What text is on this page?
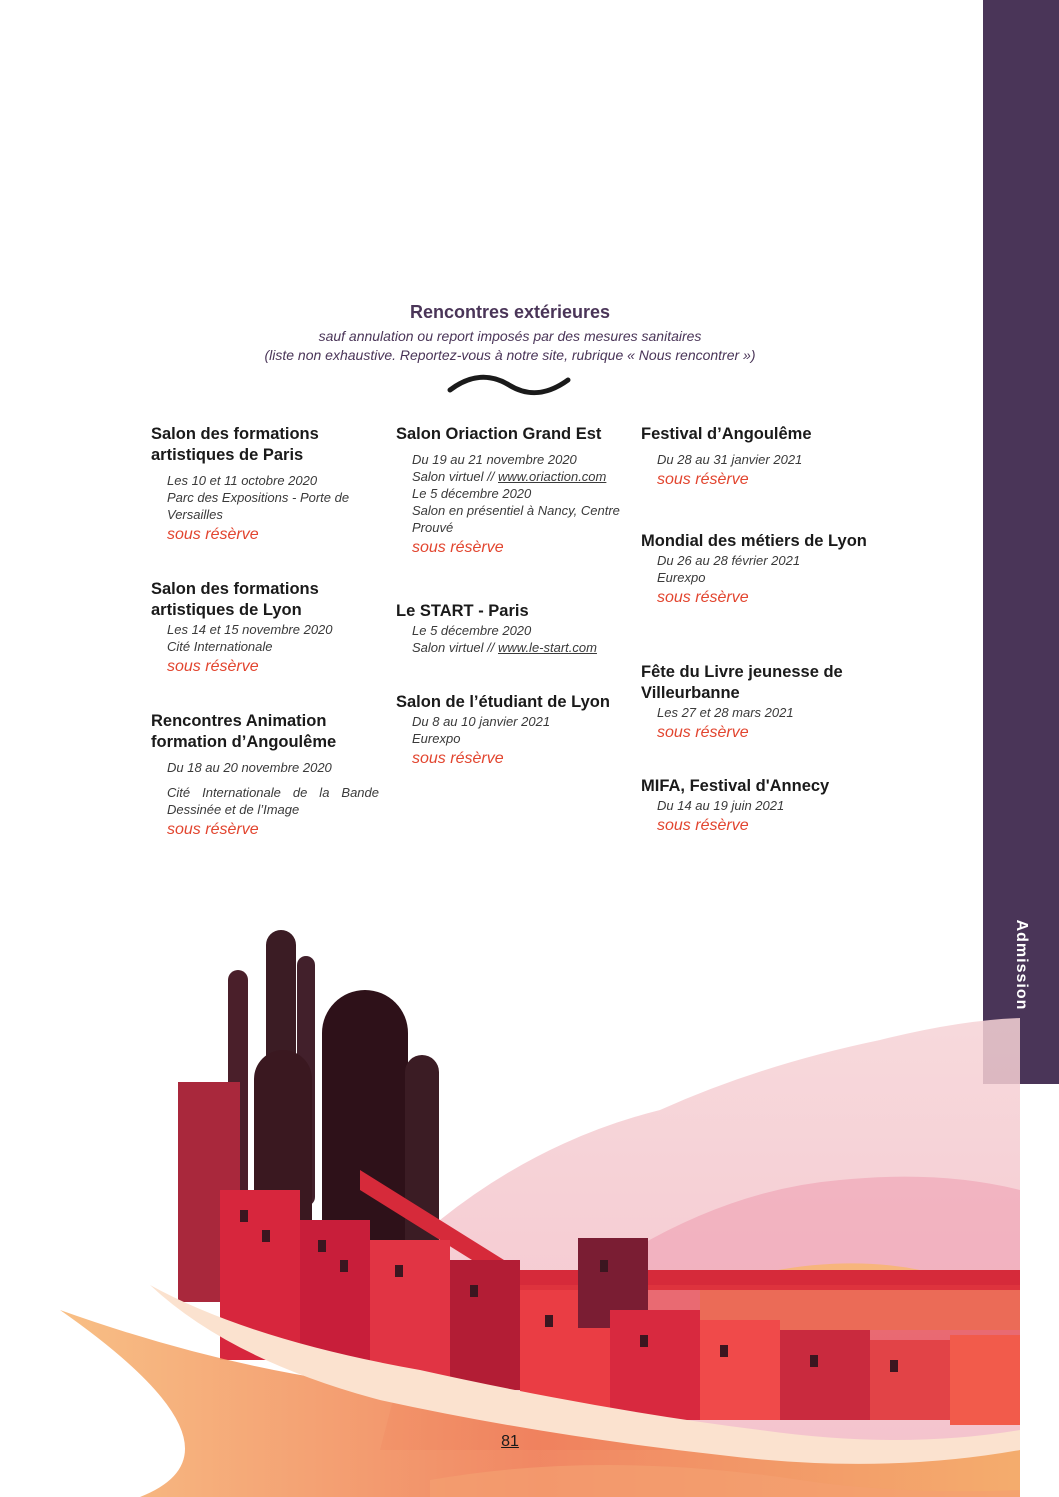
Admission
Rencontres extérieures
sauf annulation ou report imposés par des mesures sanitaires
(liste non exhaustive. Reportez-vous à notre site, rubrique « Nous rencontrer »)
Salon des formations artistiques de Paris
Les 10 et 11 octobre 2020
Parc des Expositions - Porte de Versailles
sous résèrve
Salon des formations artistiques de Lyon
Les 14 et 15 novembre 2020
Cité Internationale
sous résèrve
Rencontres Animation formation d’Angoulême
Du 18 au 20 novembre 2020
Cité Internationale de la Bande Dessinée et de l’Image
sous résèrve
Salon Oriaction Grand Est
Du 19 au 21 novembre 2020
Salon virtuel // www.oriaction.com
Le 5 décembre 2020
Salon en présentiel à Nancy, Centre Prouvé
sous résèrve
Le START - Paris
Le 5 décembre 2020
Salon virtuel // www.le-start.com
Salon de l’étudiant de Lyon
Du 8 au 10 janvier 2021
Eurexpo
sous résèrve
Festival d’Angoulême
Du 28 au 31 janvier 2021
sous résèrve
Mondial des métiers de Lyon
Du 26 au 28 février 2021
Eurexpo
sous résèrve
Fête du Livre jeunesse de Villeurbanne
Les 27 et 28 mars 2021
sous résèrve
MIFA, Festival d'Annecy
Du 14 au 19 juin 2021
sous résèrve
81
